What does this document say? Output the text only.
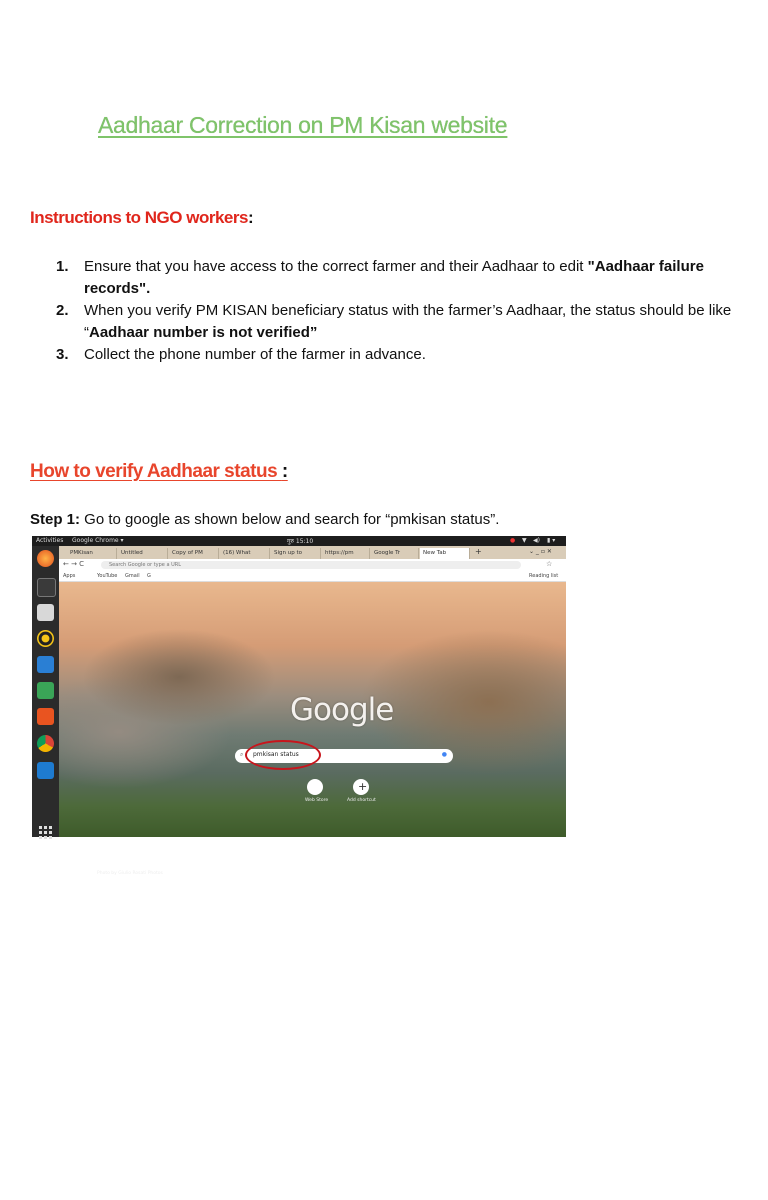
Aadhaar Correction on PM Kisan website
Instructions to NGO workers:
1. Ensure that you have access to the correct farmer and their Aadhaar to edit "Aadhaar failure records".
2. When you verify PM KISAN beneficiary status with the farmer’s Aadhaar, the status should be like “Aadhaar number is not verified”
3. Collect the phone number of the farmer in advance.
How to verify Aadhaar status :
Step 1: Go to google as shown below and search for “pmkisan status”.
Activities Google Chrome ▾	गुरु 15:10	● ▼ ◀) ▮ ▾
PMKisan	Untitled	Copy of PM	(16) What	Sign up to	https://pm	Google Tr	New Tab	+	⌄ _ ▫ ✕
← → C	Search Google or type a URL	☆
Apps	YouTube Gmail G	Reading list
Google
⌕ pmkisan status	●
+
Web Store	Add shortcut
Photo by Giulio Rosati Photos
